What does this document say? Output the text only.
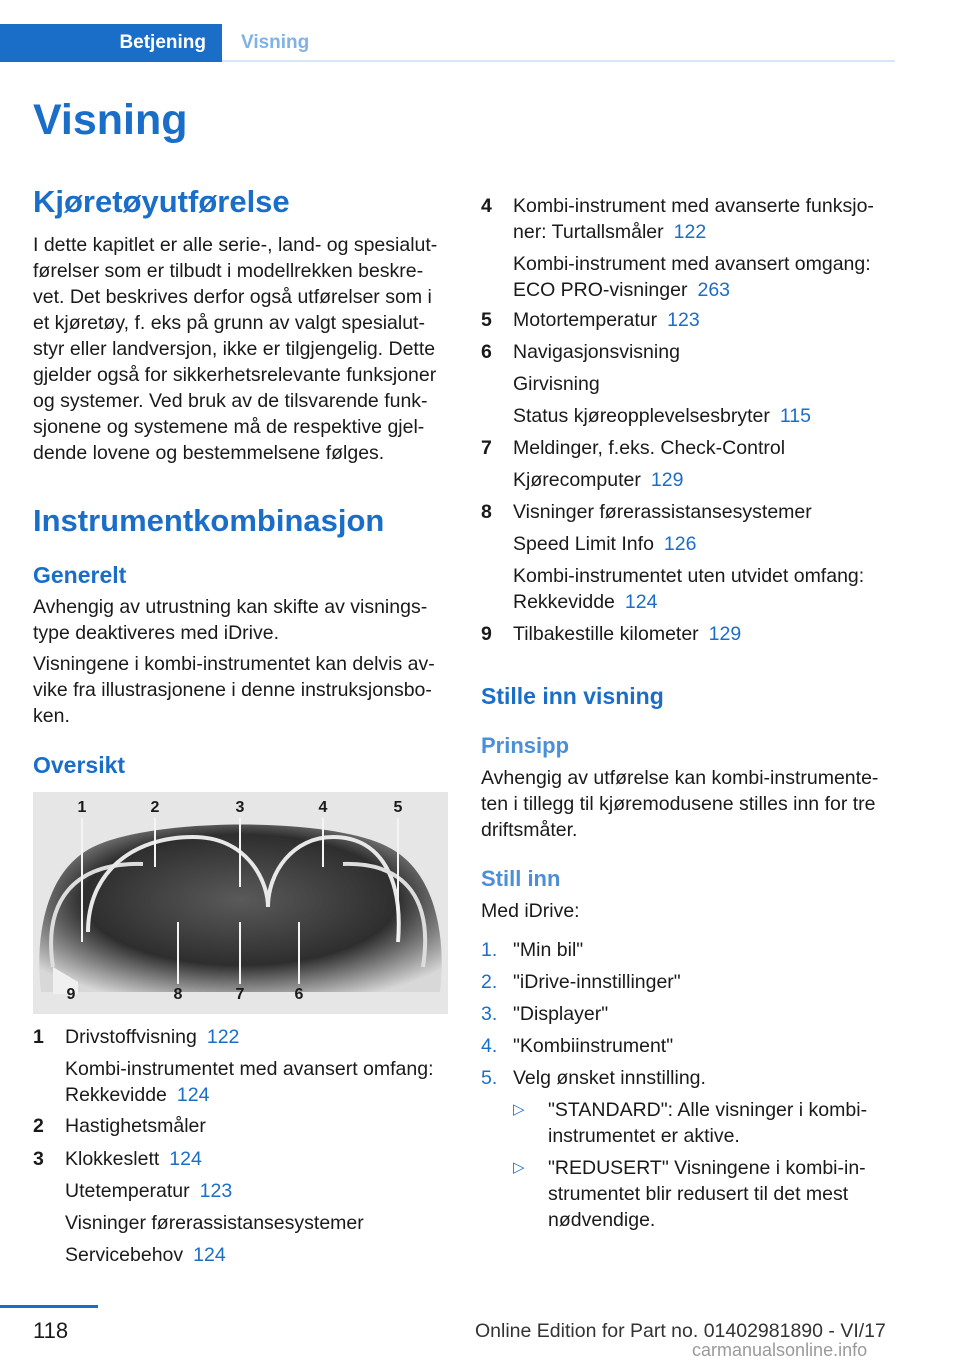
Betjening Visning
Visning
Kjøretøyutførelse
I dette kapitlet er alle serie-, land- og spesialut-
førelser som er tilbudt i modellrekken beskre-
vet. Det beskrives derfor også utførelser som i
et kjøretøy, f. eks på grunn av valgt spesialut-
styr eller landversjon, ikke er tilgjengelig. Dette
gjelder også for sikkerhetsrelevante funksjoner
og systemer. Ved bruk av de tilsvarende funk-
sjonene og systemene må de respektive gjel-
dende lovene og bestemmelsene følges.
Instrumentkombinasjon
Generelt
Avhengig av utrustning kan skifte av visnings-
type deaktiveres med iDrive.
Visningene i kombi-instrumentet kan delvis av-
vike fra illustrasjonene i denne instruksjonsbo-
ken.
Oversikt
1	2	3	4	5
6
7
8
9
1 Drivstoffvisning 122
Kombi-instrumentet med avansert omfang:
Rekkevidde 124
2 Hastighetsmåler
3 Klokkeslett 124
Utetemperatur 123
Visninger førerassistansesystemer
Servicebehov 124
4 Kombi-instrument med avanserte funksjo-
ner: Turtallsmåler 122
Kombi-instrument med avansert omgang:
ECO PRO-visninger 263
5 Motortemperatur 123
6 Navigasjonsvisning
Girvisning
Status kjøreopplevelsesbryter 115
7 Meldinger, f.eks. Check-Control
Kjørecomputer 129
8 Visninger førerassistansesystemer
Speed Limit Info 126
Kombi-instrumentet uten utvidet omfang:
Rekkevidde 124
9 Tilbakestille kilometer 129
Stille inn visning
Prinsipp
Avhengig av utførelse kan kombi-instrumente-
ten i tillegg til kjøremodusene stilles inn for tre
driftsmåter.
Still inn
Med iDrive:
1. "Min bil"
2. "iDrive-innstillinger"
3. "Displayer"
4. "Kombiinstrument"
5. Velg ønsket innstilling.
▷ "STANDARD": Alle visninger i kombi-
instrumentet er aktive.
▷ "REDUSERT" Visningene i kombi-in-
strumentet blir redusert til det mest
nødvendige.
118	Online Edition for Part no. 01402981890 - VI/17
carmanualsonline.info
